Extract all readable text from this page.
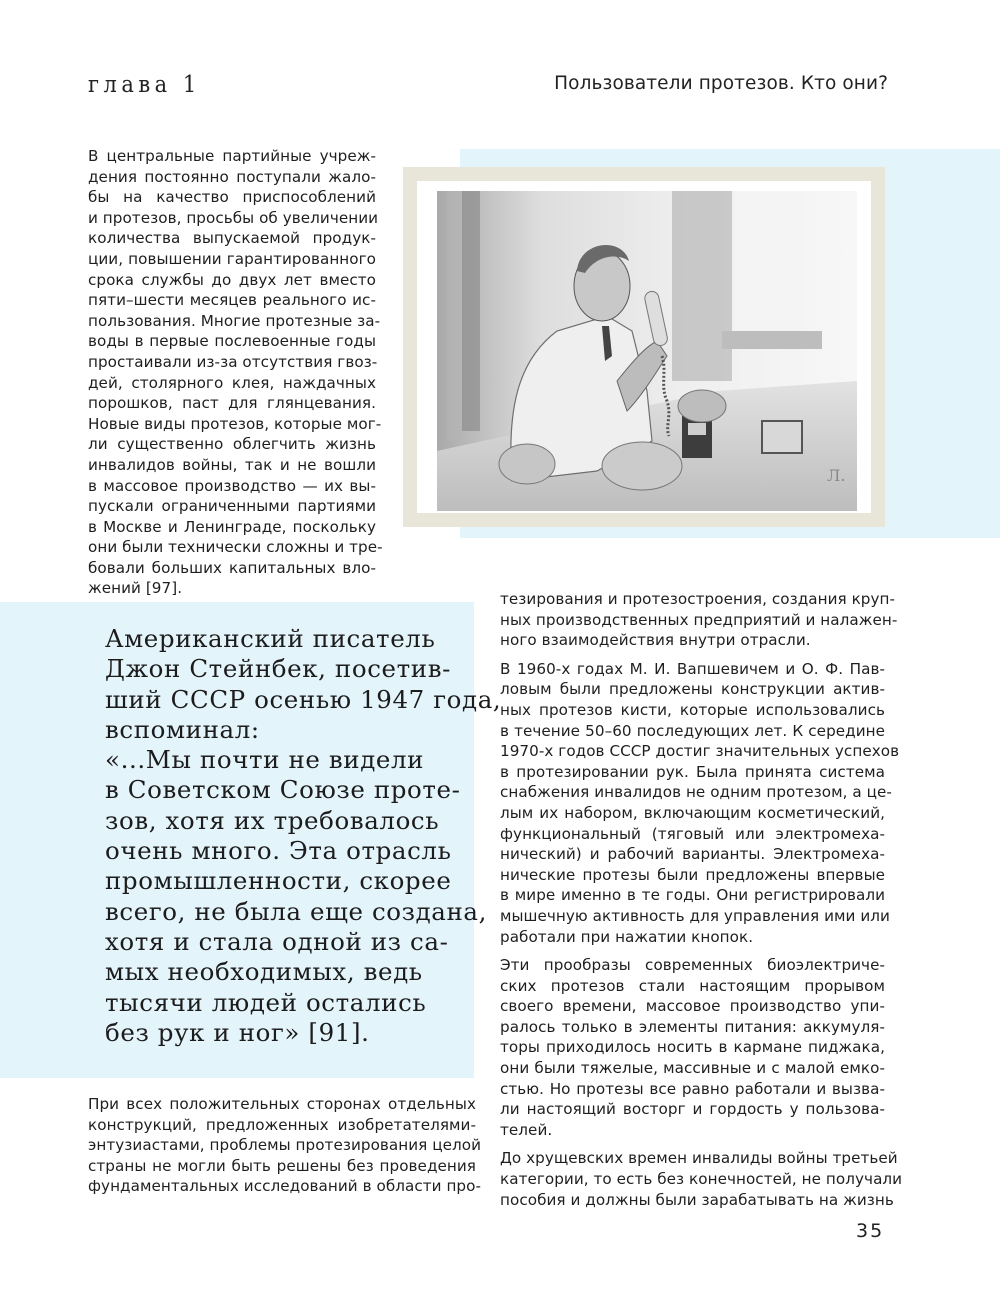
глава 1	Пользователи протезов. Кто они?
В центральные партийные учреж-
дения постоянно поступали жало-
бы на качество приспособлений
и протезов, просьбы об увеличении
количества выпускаемой продук-
ции, повышении гарантированного
срока службы до двух лет вместо
пяти–шести месяцев реального ис-
пользования. Многие протезные за-
воды в первые послевоенные годы
простаивали из-за отсутствия гвоз-
дей, столярного клея, наждачных
порошков, паст для глянцевания.
Новые виды протезов, которые мог-
ли существенно облегчить жизнь
инвалидов войны, так и не вошли
в массовое производство — их вы-
пускали ограниченными партиями
в Москве и Ленинграде, поскольку
они были технически сложны и тре-
бовали больших капитальных вло-
жений [97].
Л.
Американский писатель
Джон Стейнбек, посетив-
ший СССР осенью 1947 года,
вспоминал:
«...Мы почти не видели
в Советском Союзе проте-
зов, хотя их требовалось
очень много. Эта отрасль
промышленности, скорее
всего, не была еще создана,
хотя и стала одной из са-
мых необходимых, ведь
тысячи людей остались
без рук и ног» [91].
При всех положительных сторонах отдельных
конструкций, предложенных изобретателями-
энтузиастами, проблемы протезирования целой
страны не могли быть решены без проведения
фундаментальных исследований в области про-
тезирования и протезостроения, создания круп-
ных производственных предприятий и налажен-
ного взаимодействия внутри отрасли.
В 1960-х годах М. И. Вапшевичем и О. Ф. Пав-
ловым были предложены конструкции актив-
ных протезов кисти, которые использовались
в течение 50–60 последующих лет. К середине
1970-х годов СССР достиг значительных успехов
в протезировании рук. Была принята система
снабжения инвалидов не одним протезом, а це-
лым их набором, включающим косметический,
функциональный (тяговый или электромеха-
нический) и рабочий варианты. Электромеха-
нические протезы были предложены впервые
в мире именно в те годы. Они регистрировали
мышечную активность для управления ими или
работали при нажатии кнопок.
Эти прообразы современных биоэлектриче-
ских протезов стали настоящим прорывом
своего времени, массовое производство упи-
ралось только в элементы питания: аккумуля-
торы приходилось носить в кармане пиджака,
они были тяжелые, массивные и с малой емко-
стью. Но протезы все равно работали и вызва-
ли настоящий восторг и гордость у пользова-
телей.
До хрущевских времен инвалиды войны третьей
категории, то есть без конечностей, не получали
пособия и должны были зарабатывать на жизнь
35
